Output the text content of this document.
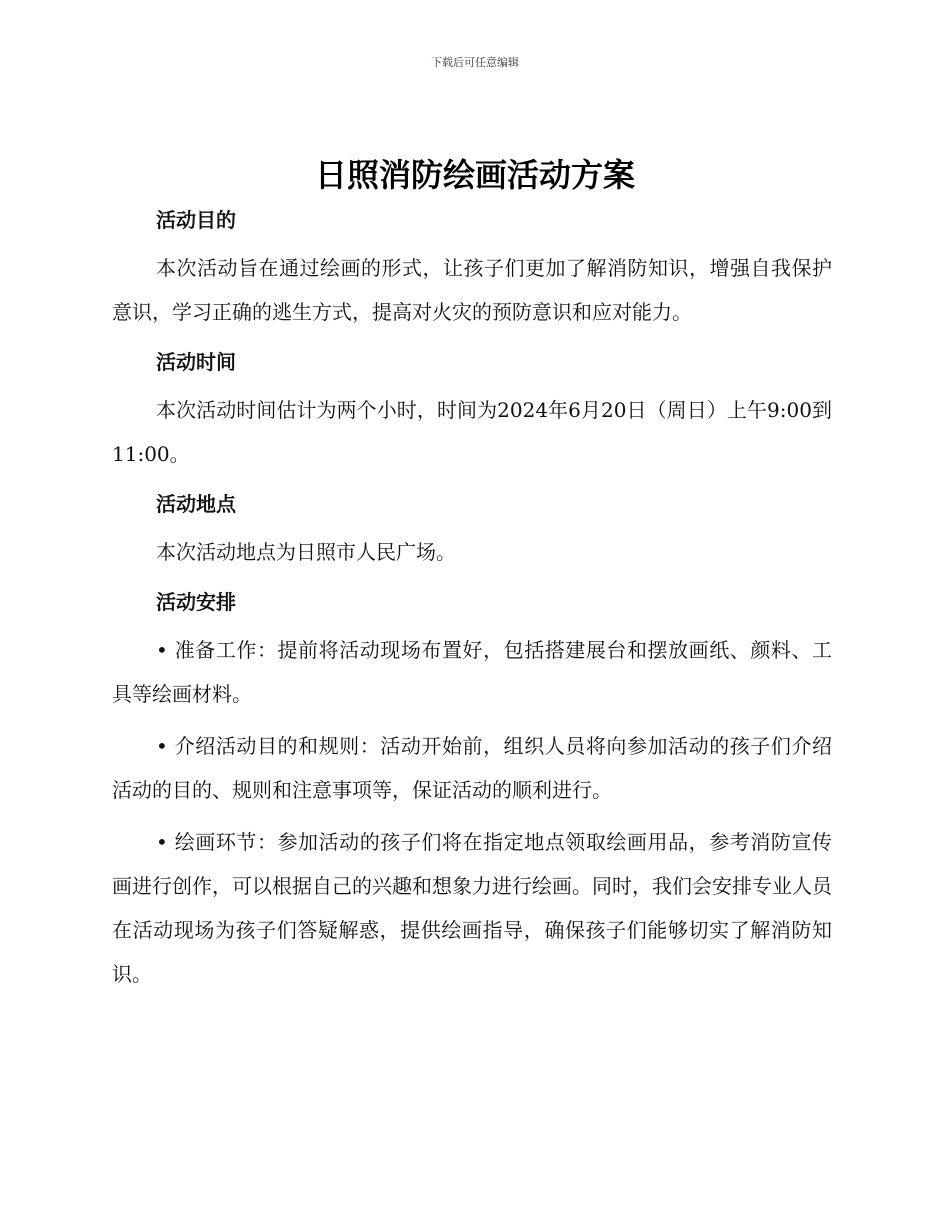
下载后可任意编辑
日照消防绘画活动方案

活动目的

本次活动旨在通过绘画的形式，让孩子们更加了解消防知识，增强自我保护意识，学习正确的逃生方式，提高对火灾的预防意识和应对能力。

活动时间

本次活动时间估计为两个小时，时间为2024年6月20日（周日）上午9:00到11:00。

活动地点

本次活动地点为日照市人民广场。

活动安排

• 准备工作：提前将活动现场布置好，包括搭建展台和摆放画纸、颜料、工具等绘画材料。

• 介绍活动目的和规则：活动开始前，组织人员将向参加活动的孩子们介绍活动的目的、规则和注意事项等，保证活动的顺利进行。

• 绘画环节：参加活动的孩子们将在指定地点领取绘画用品，参考消防宣传画进行创作，可以根据自己的兴趣和想象力进行绘画。同时，我们会安排专业人员在活动现场为孩子们答疑解惑，提供绘画指导，确保孩子们能够切实了解消防知识。
